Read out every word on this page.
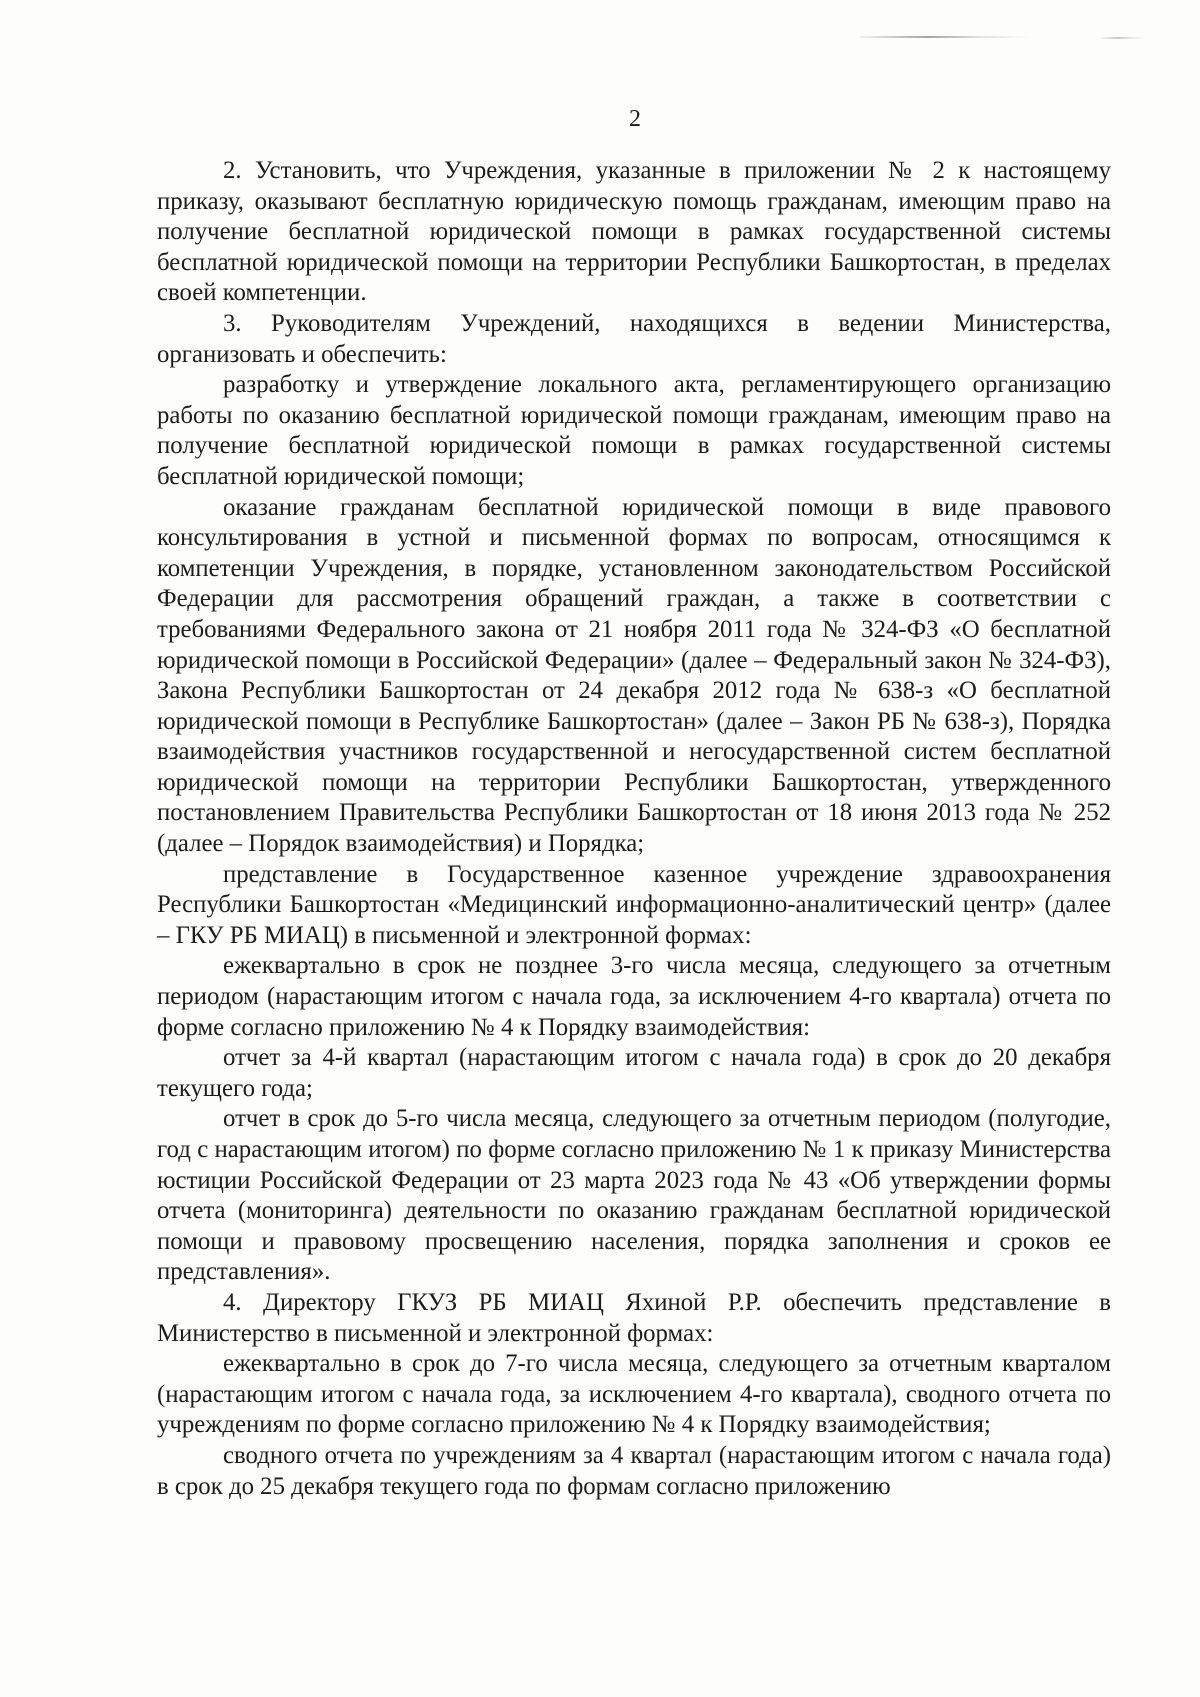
2

2. Установить, что Учреждения, указанные в приложении № 2 к настоящему приказу, оказывают бесплатную юридическую помощь гражданам, имеющим право на получение бесплатной юридической помощи в рамках государственной системы бесплатной юридической помощи на территории Республики Башкортостан, в пределах своей компетенции.

3. Руководителям Учреждений, находящихся в ведении Министерства, организовать и обеспечить:

разработку и утверждение локального акта, регламентирующего организацию работы по оказанию бесплатной юридической помощи гражданам, имеющим право на получение бесплатной юридической помощи в рамках государственной системы бесплатной юридической помощи;

оказание гражданам бесплатной юридической помощи в виде правового консультирования в устной и письменной формах по вопросам, относящимся к компетенции Учреждения, в порядке, установленном законодательством Российской Федерации для рассмотрения обращений граждан, а также в соответствии с требованиями Федерального закона от 21 ноября 2011 года № 324-ФЗ «О бесплатной юридической помощи в Российской Федерации» (далее – Федеральный закон № 324-ФЗ), Закона Республики Башкортостан от 24 декабря 2012 года № 638-з «О бесплатной юридической помощи в Республике Башкортостан» (далее – Закон РБ № 638-з), Порядка взаимодействия участников государственной и негосударственной систем бесплатной юридической помощи на территории Республики Башкортостан, утвержденного постановлением Правительства Республики Башкортостан от 18 июня 2013 года № 252 (далее – Порядок взаимодействия) и Порядка;

представление в Государственное казенное учреждение здравоохранения Республики Башкортостан «Медицинский информационно-аналитический центр» (далее – ГКУ РБ МИАЦ) в письменной и электронной формах:

ежеквартально в срок не позднее 3-го числа месяца, следующего за отчетным периодом (нарастающим итогом с начала года, за исключением 4-го квартала) отчета по форме согласно приложению № 4 к Порядку взаимодействия:

отчет за 4-й квартал (нарастающим итогом с начала года) в срок до 20 декабря текущего года;

отчет в срок до 5-го числа месяца, следующего за отчетным периодом (полугодие, год с нарастающим итогом) по форме согласно приложению № 1 к приказу Министерства юстиции Российской Федерации от 23 марта 2023 года № 43 «Об утверждении формы отчета (мониторинга) деятельности по оказанию гражданам бесплатной юридической помощи и правовому просвещению населения, порядка заполнения и сроков ее представления».

4. Директору ГКУЗ РБ МИАЦ Яхиной Р.Р. обеспечить представление в Министерство в письменной и электронной формах:

ежеквартально в срок до 7-го числа месяца, следующего за отчетным кварталом (нарастающим итогом с начала года, за исключением 4-го квартала), сводного отчета по учреждениям по форме согласно приложению № 4 к Порядку взаимодействия;

сводного отчета по учреждениям за 4 квартал (нарастающим итогом с начала года) в срок до 25 декабря текущего года по формам согласно приложению
